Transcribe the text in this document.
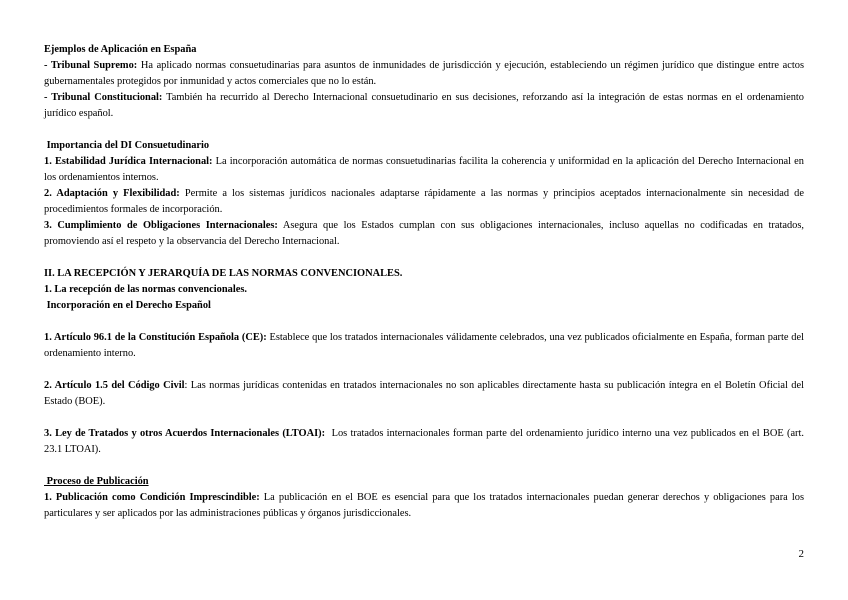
Ejemplos de Aplicación en España

- Tribunal Supremo: Ha aplicado normas consuetudinarias para asuntos de inmunidades de jurisdicción y ejecución, estableciendo un régimen jurídico que distingue entre actos gubernamentales protegidos por inmunidad y actos comerciales que no lo están.

- Tribunal Constitucional: También ha recurrido al Derecho Internacional consuetudinario en sus decisiones, reforzando así la integración de estas normas en el ordenamiento jurídico español.

Importancia del DI Consuetudinario

1. Estabilidad Jurídica Internacional: La incorporación automática de normas consuetudinarias facilita la coherencia y uniformidad en la aplicación del Derecho Internacional en los ordenamientos internos.

2. Adaptación y Flexibilidad: Permite a los sistemas jurídicos nacionales adaptarse rápidamente a las normas y principios aceptados internacionalmente sin necesidad de procedimientos formales de incorporación.

3. Cumplimiento de Obligaciones Internacionales: Asegura que los Estados cumplan con sus obligaciones internacionales, incluso aquellas no codificadas en tratados, promoviendo así el respeto y la observancia del Derecho Internacional.

II. LA RECEPCIÓN Y JERARQUÍA DE LAS NORMAS CONVENCIONALES.

1. La recepción de las normas convencionales.

Incorporación en el Derecho Español

1. Artículo 96.1 de la Constitución Española (CE): Establece que los tratados internacionales válidamente celebrados, una vez publicados oficialmente en España, forman parte del ordenamiento interno.

2. Artículo 1.5 del Código Civil: Las normas jurídicas contenidas en tratados internacionales no son aplicables directamente hasta su publicación íntegra en el Boletín Oficial del Estado (BOE).

3. Ley de Tratados y otros Acuerdos Internacionales (LTOAI):  Los tratados internacionales forman parte del ordenamiento jurídico interno una vez publicados en el BOE (art. 23.1 LTOAI).

Proceso de Publicación

1. Publicación como Condición Imprescindible: La publicación en el BOE es esencial para que los tratados internacionales puedan generar derechos y obligaciones para los particulares y ser aplicados por las administraciones públicas y órganos jurisdiccionales.

2
